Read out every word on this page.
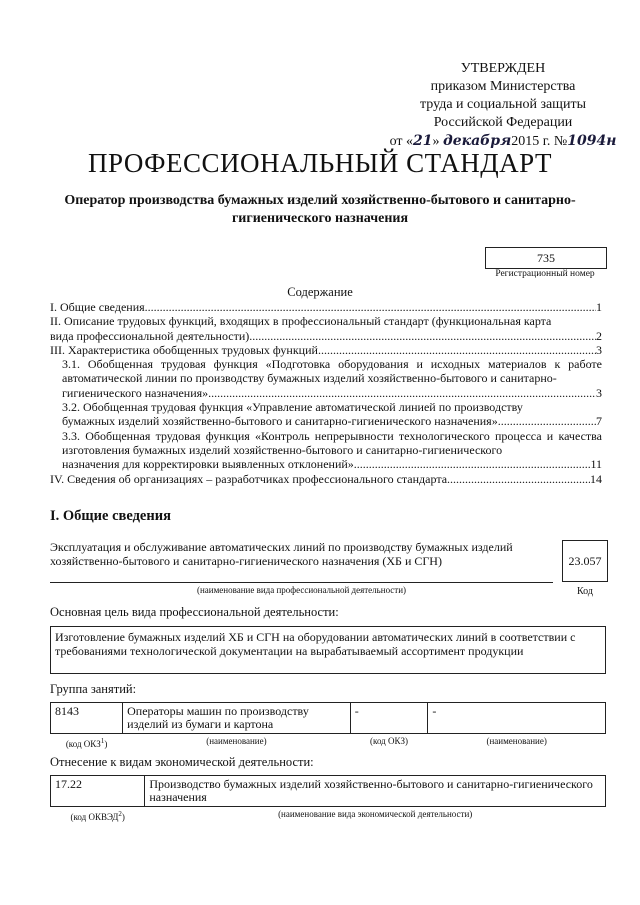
УТВЕРЖДЕН
приказом Министерства
труда и социальной защиты
Российской Федерации
от «21» декабря2015 г. №1094н
ПРОФЕССИОНАЛЬНЫЙ СТАНДАРТ
Оператор производства бумажных изделий хозяйственно-бытового и санитарно-гигиенического назначения
735
Регистрационный номер
Содержание
I. Общие сведения .....	1
II. Описание трудовых функций, входящих в профессиональный стандарт (функциональная карта
вида профессиональной деятельности) .....	2
III. Характеристика обобщенных трудовых функций .....	3
3.1. Обобщенная трудовая функция «Подготовка оборудования и исходных материалов к работе автоматической линии по производству бумажных изделий хозяйственно-бытового и санитарно-
гигиенического назначения» .....	3
3.2. Обобщенная трудовая функция «Управление автоматической линией по производству
бумажных изделий хозяйственно-бытового и санитарно-гигиенического назначения» .....	7
3.3. Обобщенная трудовая функция «Контроль непрерывности технологического процесса и качества изготовления бумажных изделий хозяйственно-бытового и санитарно-гигиенического
назначения для корректировки выявленных отклонений» .....	11
IV. Сведения об организациях – разработчиках профессионального стандарта .....	14
I. Общие сведения
Эксплуатация и обслуживание автоматических линий по производству бумажных изделий хозяйственно-бытового и санитарно-гигиенического назначения (ХБ и СГН)	23.057
(наименование вида профессиональной деятельности)	Код
Основная цель вида профессиональной деятельности:
Изготовление бумажных изделий ХБ и СГН на оборудовании автоматических линий в соответствии с требованиями технологической документации на вырабатываемый ассортимент продукции
Группа занятий:
8143	Операторы машин по производству изделий из бумаги и картона	-	-
(код ОКЗ$^1$)	(наименование)	(код ОКЗ)	(наименование)
Отнесение к видам экономической деятельности:
17.22	Производство бумажных изделий хозяйственно-бытового и санитарно-гигиенического назначения
(код ОКВЭД$^2$)	(наименование вида экономической деятельности)
